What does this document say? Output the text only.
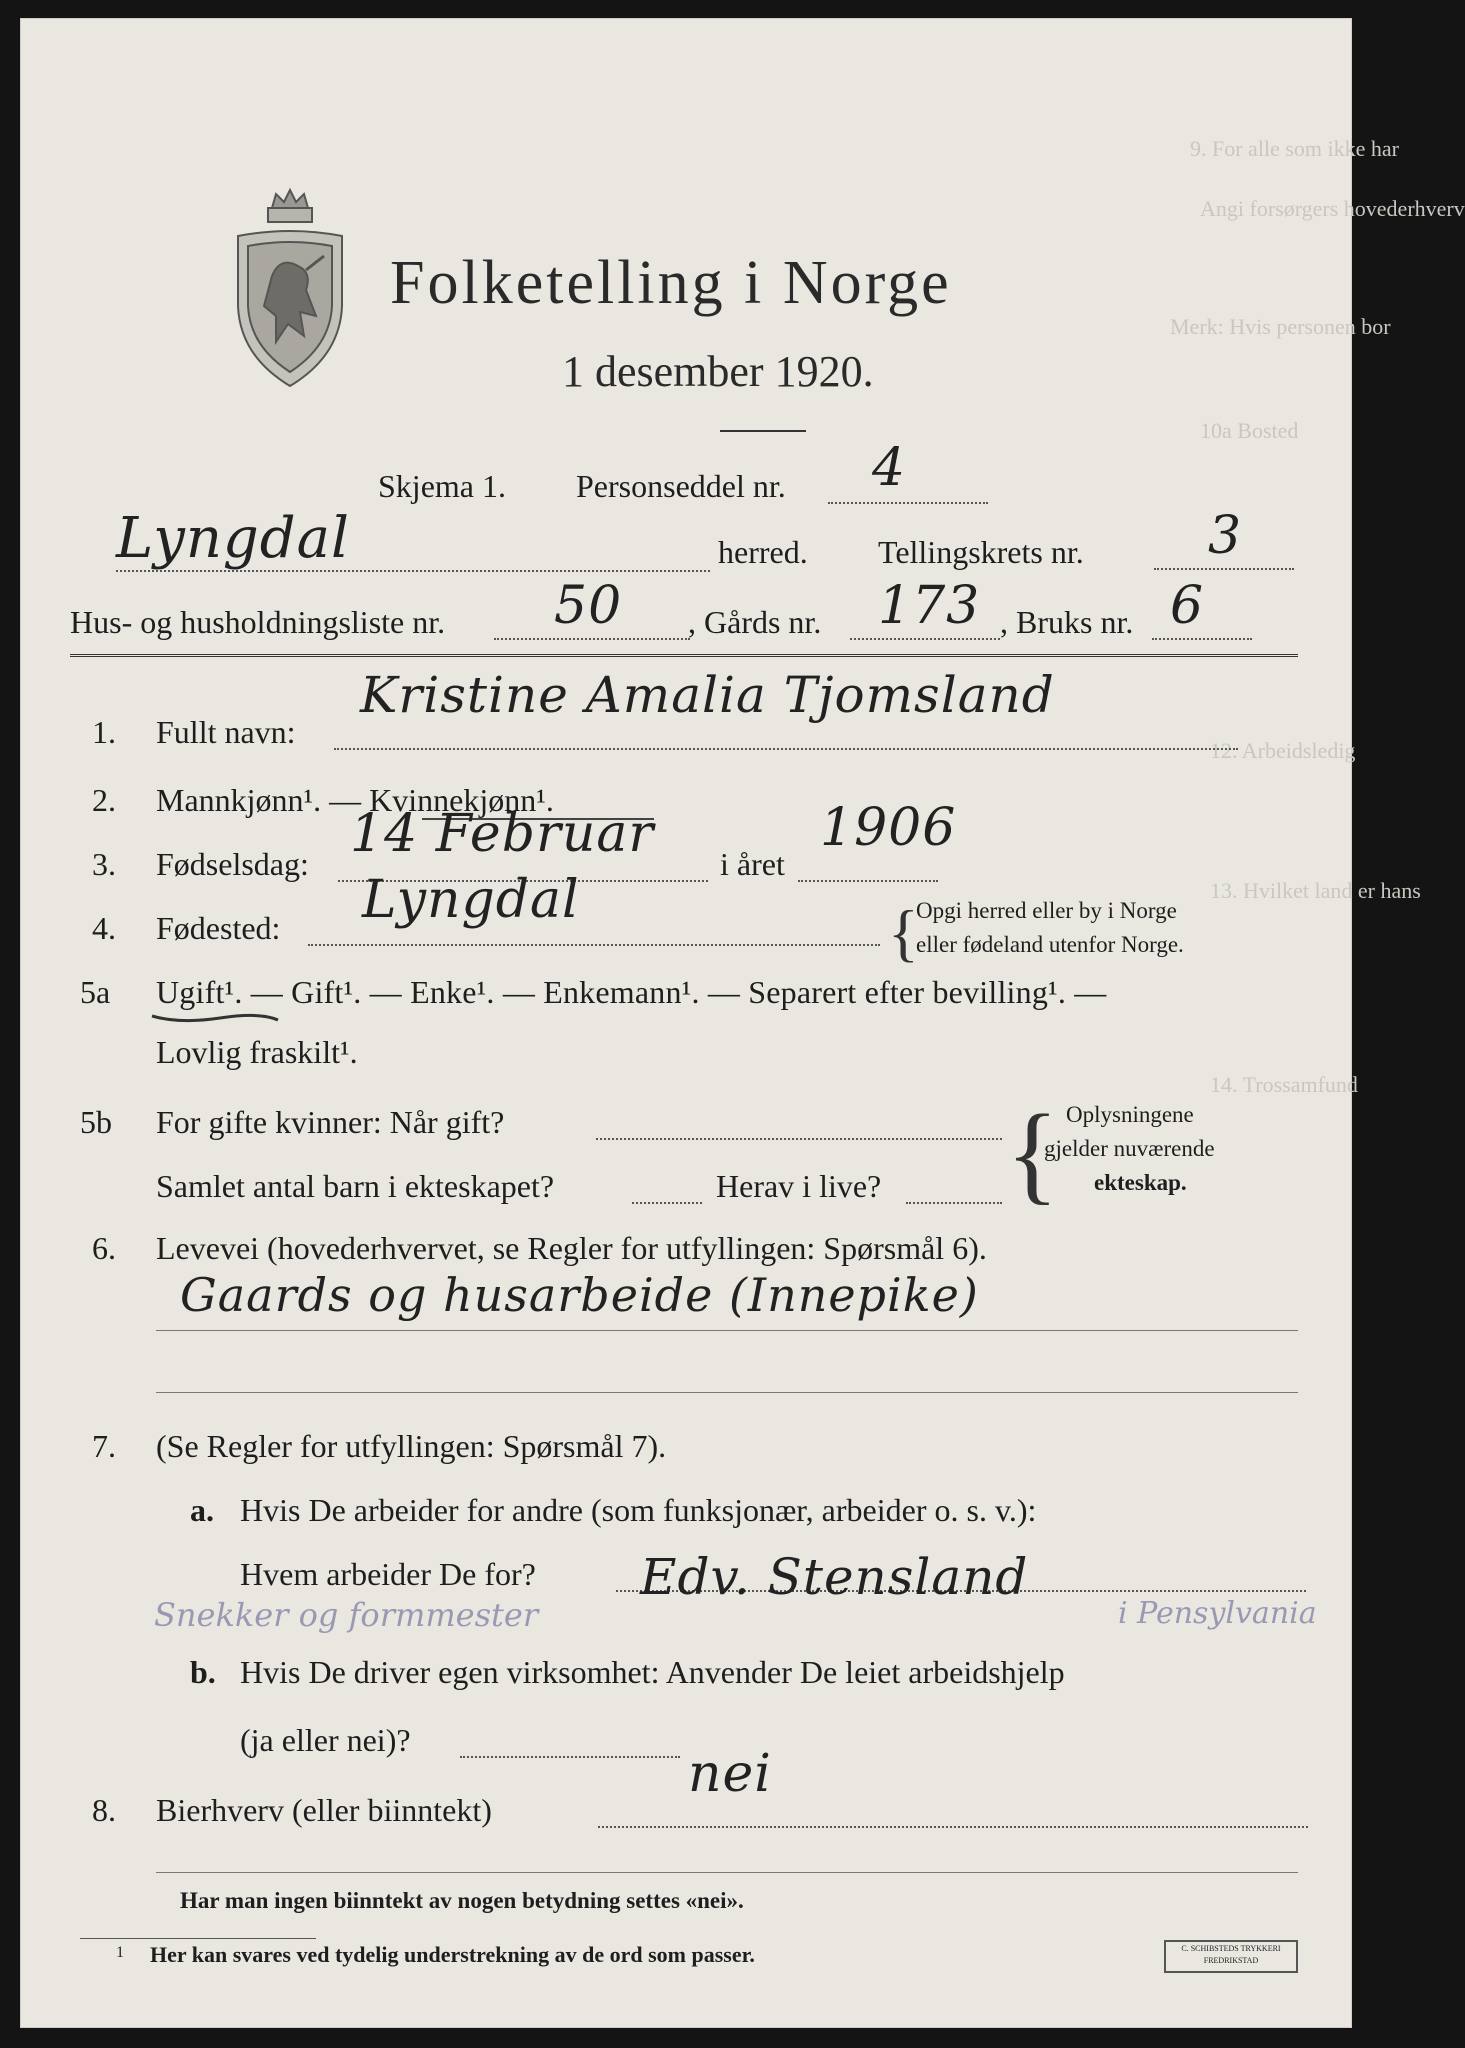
9. For alle som ikke har
Angi forsørgers hovederhverv
Merk: Hvis personen bor
10a Bosted
12. Arbeidsledig
13. Hvilket land er hans
14. Trossamfund
Folketelling i Norge
1 desember 1920.
Skjema 1. Personseddel nr. 4
Lyngdal	herred. Tellingskrets nr. 3
Hus- og husholdningsliste nr. 50 , Gårds nr. 173 , Bruks nr. 6
1. Fullt navn:
Kristine Amalia Tjomsland
2. Mannkjønn¹. — Kvinnekjønn¹.
3. Fødselsdag: 14 Februar i året
1906
4. Fødested: Lyngdal	{
Opgi herred eller by i Norge
eller fødeland utenfor Norge.
5a Ugift¹. — Gift¹. — Enke¹. — Enkemann¹. — Separert efter bevilling¹. —
Lovlig fraskilt¹.
5b For gifte kvinner: Når gift?
Samlet antal barn i ekteskapet?	Herav i live? { Oplysningene
gjelder nuværende
ekteskap.
6. Levevei (hovederhvervet, se Regler for utfyllingen: Spørsmål 6).
Gaards og husarbeide (Innepike)
7. (Se Regler for utfyllingen: Spørsmål 7).
a. Hvis De arbeider for andre (som funksjonær, arbeider o. s. v.):
Hvem arbeider De for? Edv. Stensland
Snekker og formmester	i Pensylvania
b. Hvis De driver egen virksomhet: Anvender De leiet arbeidshjelp
(ja eller nei)?
8. Bierhverv (eller biinntekt)
nei
Har man ingen biinntekt av nogen betydning settes «nei».
1 Her kan svares ved tydelig understrekning av de ord som passer.	C. SCHIBSTEDS TRYKKERI
FREDRIKSTAD
